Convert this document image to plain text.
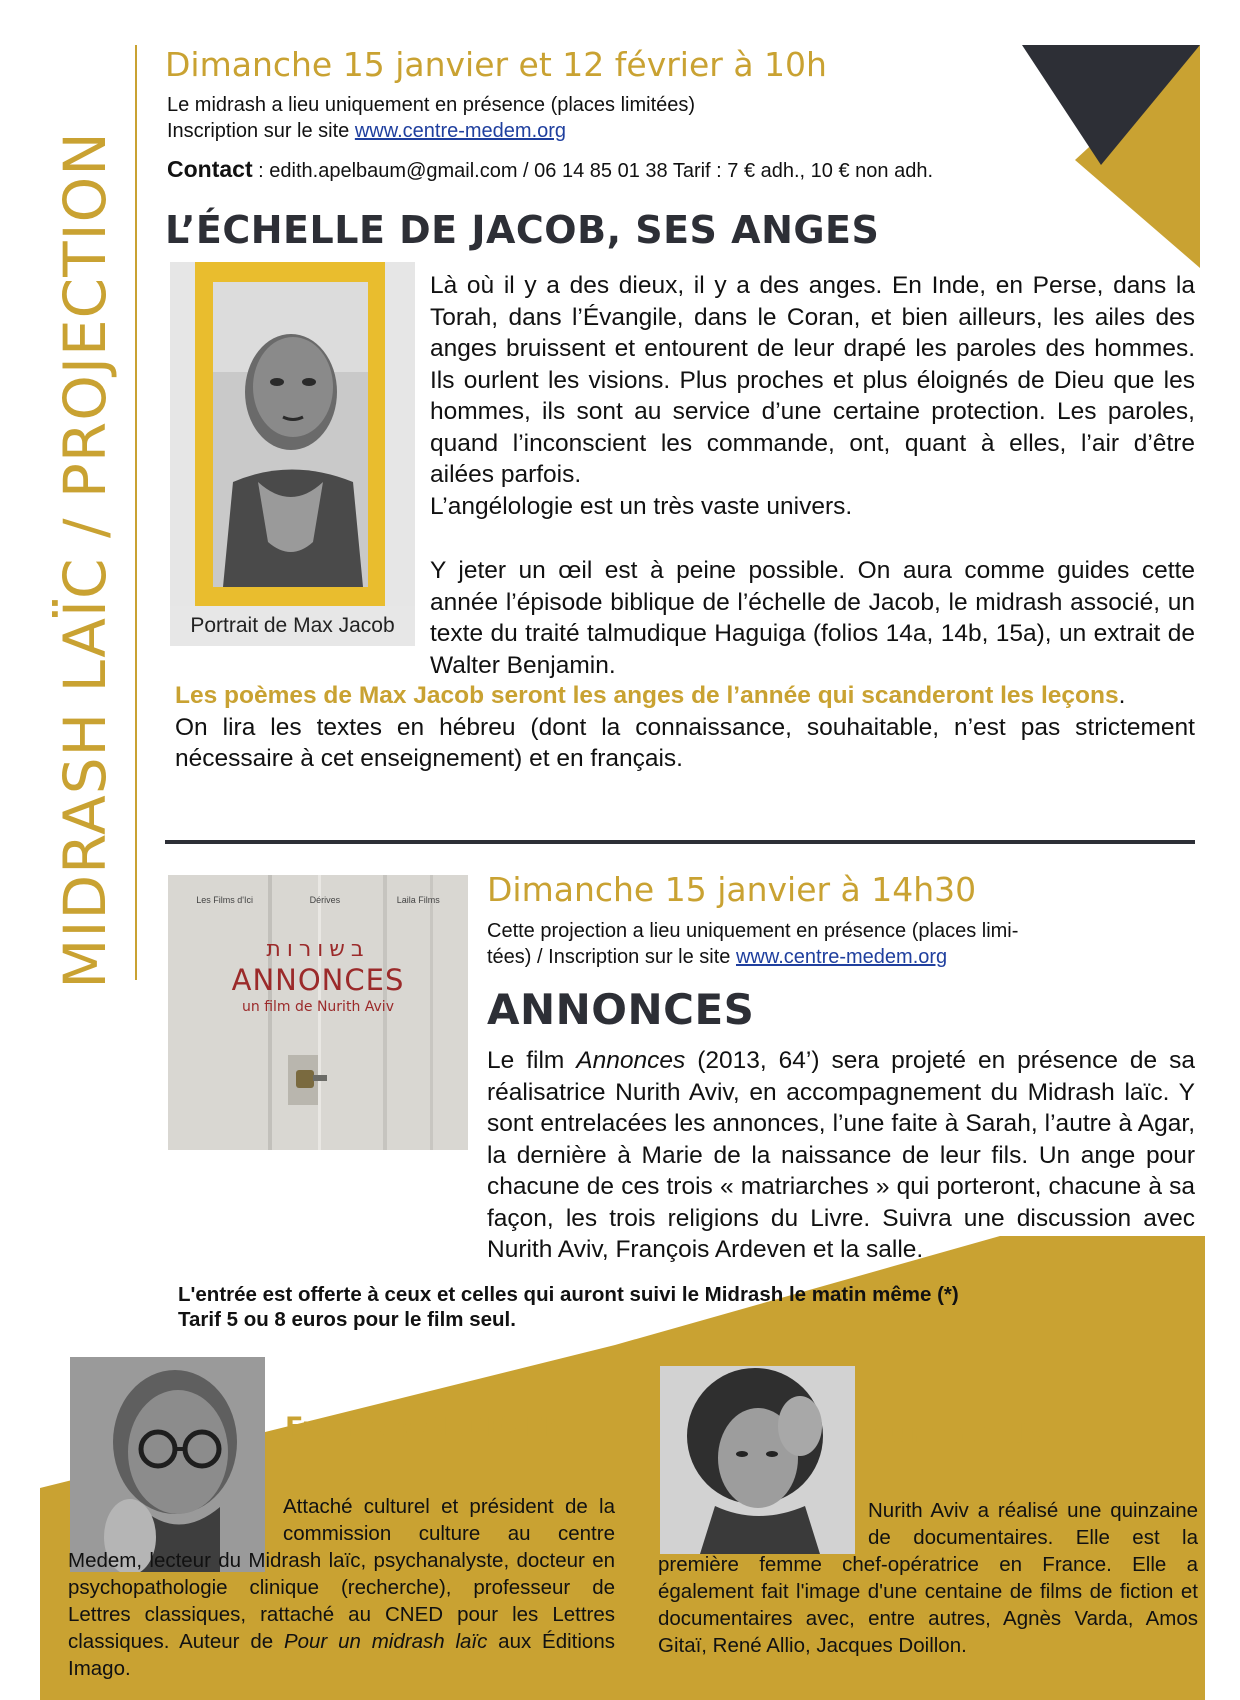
MIDRASH LAÏC / PROJECTION
Dimanche 15 janvier et 12 février à 10h
Le midrash a lieu uniquement en présence (places limitées)
Inscription sur le site www.centre-medem.org
Contact : edith.apelbaum@gmail.com / 06 14 85 01 38 Tarif : 7 € adh., 10 € non adh.
L’ÉCHELLE DE JACOB, SES ANGES
Portrait de Max Jacob

Là où il y a des dieux, il y a des anges. En Inde, en Perse, dans la Torah, dans l’Évangile, dans le Coran, et bien ailleurs, les ailes des anges bruissent et entourent de leur drapé les paroles des hommes. Ils ourlent les visions. Plus proches et plus éloignés de Dieu que les hommes, ils sont au service d’une certaine protection. Les paroles, quand l’inconscient les commande, ont, quant à elles, l’air d’être ailées parfois.

L’angélologie est un très vaste univers.

Y jeter un œil est à peine possible. On aura comme guides cette année l’épisode biblique de l’échelle de Jacob, le midrash associé, un texte du traité talmudique Haguiga (folios 14a, 14b, 15a), un extrait de Walter Benjamin.

Les poèmes de Max Jacob seront les anges de l’année qui scanderont les leçons.

On lira les textes en hébreu (dont la connaissance, souhaitable, n’est pas strictement nécessaire à cet enseignement) et en français.

Les Films d'Ici	Dérives	Laila Films
בשורות
ANNONCES
un film de Nurith Aviv
Dimanche 15 janvier à 14h30
Cette projection a lieu uniquement en présence (places limi-
tées) / Inscription sur le site www.centre-medem.org
ANNONCES
Le film Annonces (2013, 64’) sera projeté en présence de sa réalisatrice Nurith Aviv, en accompagnement du Midrash laïc. Y sont entrelacées les annonces, l’une faite à Sarah, l’autre à Agar, la dernière à Marie de la naissance de leur fils. Un ange pour chacune de ces trois « matriarches » qui porteront, chacune à sa façon, les trois religions du Livre. Suivra une discussion avec Nurith Aviv, François Ardeven et la salle.
L'entrée est offerte à ceux et celles qui auront suivi le Midrash le matin même (*)
Tarif 5 ou 8 euros pour le film seul.
François ARDEVEN
Attaché culturel et président de la commission culture au centre Medem, lecteur du Midrash laïc, psychanalyste, docteur en psychopathologie clinique (recherche), professeur de Lettres classiques, rattaché au CNED pour les Lettres classiques. Auteur de Pour un midrash laïc aux Éditions Imago.
Nurith AVIV
Nurith Aviv a réalisé une quinzaine de documentaires. Elle est la première femme chef-opératrice en France. Elle a également fait l'image d'une centaine de films de fiction et documentaires avec, entre autres, Agnès Varda, Amos Gitaï, René Allio, Jacques Doillon.
